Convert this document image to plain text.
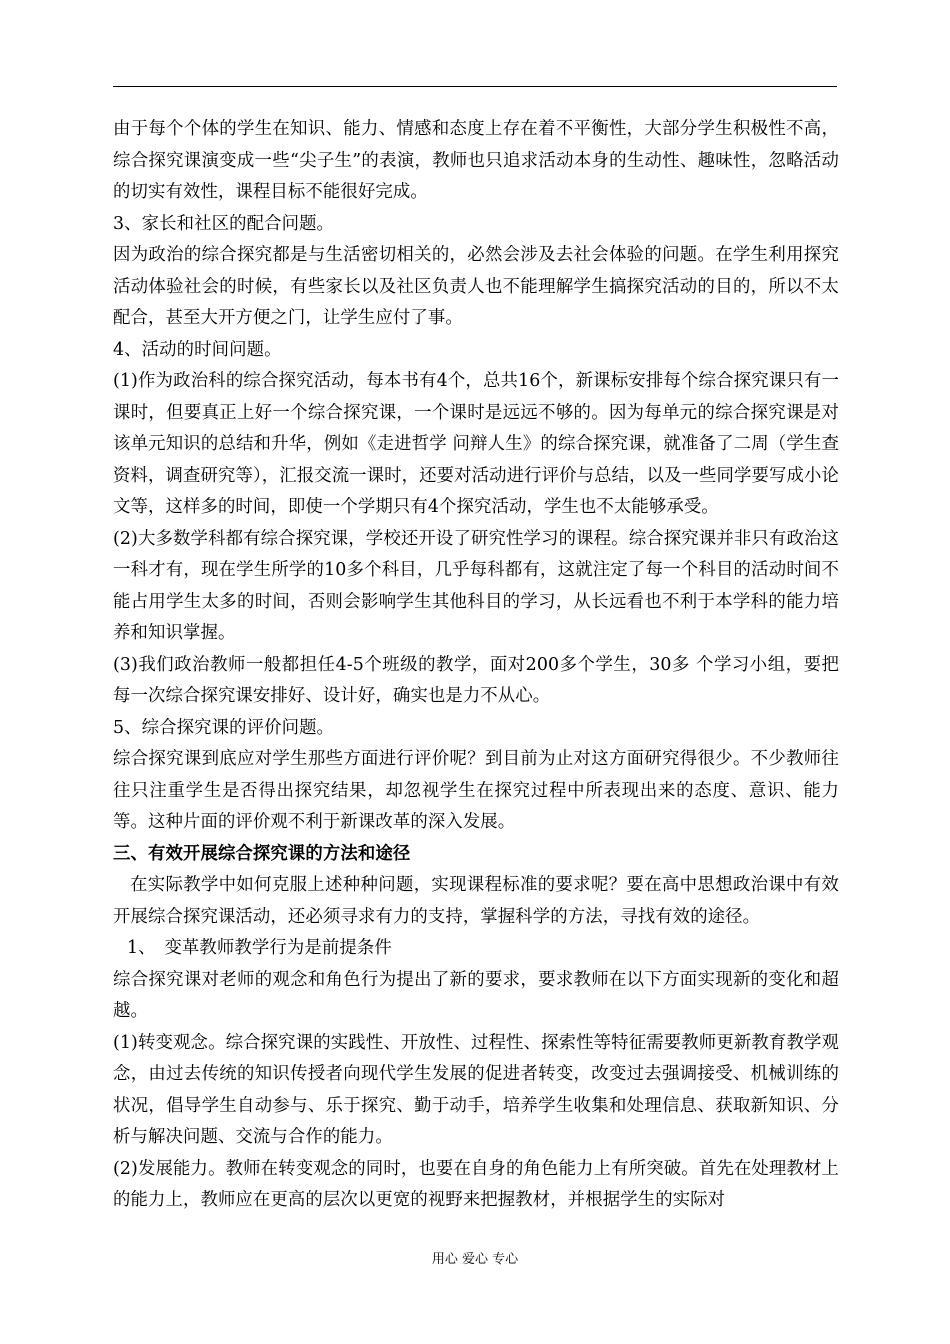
由于每个个体的学生在知识、能力、情感和态度上存在着不平衡性，大部分学生积极性不高，综合探究课演变成一些“尖子生”的表演，教师也只追求活动本身的生动性、趣味性，忽略活动的切实有效性，课程目标不能很好完成。

3、家长和社区的配合问题。

因为政治的综合探究都是与生活密切相关的，必然会涉及去社会体验的问题。在学生利用探究活动体验社会的时候，有些家长以及社区负责人也不能理解学生搞探究活动的目的，所以不太配合，甚至大开方便之门，让学生应付了事。

4、活动的时间问题。

(1)作为政治科的综合探究活动，每本书有4个，总共16个，新课标安排每个综合探究课只有一课时，但要真正上好一个综合探究课，一个课时是远远不够的。因为每单元的综合探究课是对该单元知识的总结和升华，例如《走进哲学 问辩人生》的综合探究课，就准备了二周（学生查资料，调查研究等），汇报交流一课时，还要对活动进行评价与总结，以及一些同学要写成小论文等，这样多的时间，即使一个学期只有4个探究活动，学生也不太能够承受。

(2)大多数学科都有综合探究课，学校还开设了研究性学习的课程。综合探究课并非只有政治这一科才有，现在学生所学的10多个科目，几乎每科都有，这就注定了每一个科目的活动时间不能占用学生太多的时间，否则会影响学生其他科目的学习，从长远看也不利于本学科的能力培养和知识掌握。

(3)我们政治教师一般都担任4-5个班级的教学，面对200多个学生，30多 个学习小组，要把每一次综合探究课安排好、设计好，确实也是力不从心。

5、综合探究课的评价问题。

综合探究课到底应对学生那些方面进行评价呢？到目前为止对这方面研究得很少。不少教师往往只注重学生是否得出探究结果，却忽视学生在探究过程中所表现出来的态度、意识、能力等。这种片面的评价观不利于新课改革的深入发展。

三、有效开展综合探究课的方法和途径

在实际教学中如何克服上述种种问题，实现课程标准的要求呢？要在高中思想政治课中有效开展综合探究课活动，还必须寻求有力的支持，掌握科学的方法，寻找有效的途径。

1、　变革教师教学行为是前提条件

综合探究课对老师的观念和角色行为提出了新的要求，要求教师在以下方面实现新的变化和超越。

(1)转变观念。综合探究课的实践性、开放性、过程性、探索性等特征需要教师更新教育教学观念，由过去传统的知识传授者向现代学生发展的促进者转变，改变过去强调接受、机械训练的状况，倡导学生自动参与、乐于探究、勤于动手，培养学生收集和处理信息、获取新知识、分析与解决问题、交流与合作的能力。

(2)发展能力。教师在转变观念的同时，也要在自身的角色能力上有所突破。首先在处理教材上的能力上，教师应在更高的层次以更宽的视野来把握教材，并根据学生的实际对

用心 爱心 专心
